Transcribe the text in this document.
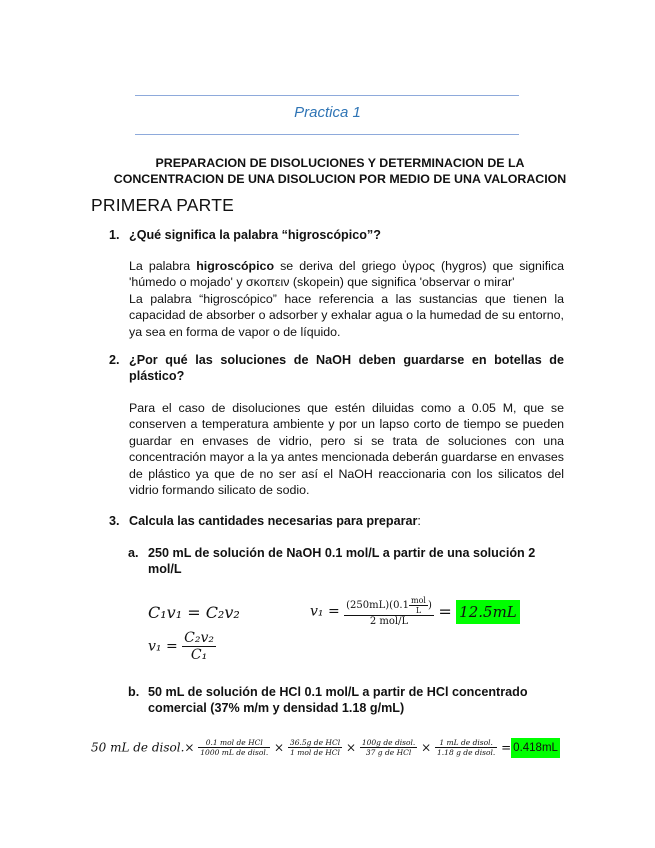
Practica 1
PREPARACION DE DISOLUCIONES Y DETERMINACION DE LA
CONCENTRACION DE UNA DISOLUCION POR MEDIO DE UNA VALORACION
PRIMERA PARTE
1. ¿Qué significa la palabra “higroscópico”?
La palabra higroscópico se deriva del griego ὑγρος (hygros) que significa
'húmedo o mojado' y σκοπειν (skopein) que significa 'observar o mirar'
La palabra “higroscópico” hace referencia a las sustancias que tienen la capacidad de absorber o adsorber y exhalar agua o la humedad de su entorno, ya sea en forma de vapor o de líquido.
2. ¿Por qué las soluciones de NaOH deben guardarse en botellas de plástico?
Para el caso de disoluciones que estén diluidas como a 0.05 M, que se conserven a temperatura ambiente y por un lapso corto de tiempo se pueden guardar en envases de vidrio, pero si se trata de soluciones con una concentración mayor a la ya antes mencionada deberán guardarse en envases de plástico ya que de no ser así el NaOH reaccionaria con los silicatos del vidrio formando silicato de sodio.
3. Calcula las cantidades necesarias para preparar:
a. 250 mL de solución de NaOH 0.1 mol/L a partir de una solución 2 mol/L
C₁v₁ = C₂v₂
$v_1 = \frac{\text{C₂v₂}}{\text{C₁}}$
$v_1 = \frac{(250mL)(0.1 \frac{\text{mol}}{L} )}{\text{2 mol/L}} = 12.5mL$
b. 50 mL de solución de HCl 0.1 mol/L a partir de HCl concentrado comercial (37% m/m y densidad 1.18 g/mL)
50 mL de disol.× $\frac{\text{0.1 mol de HCl}}{\text{1000 mL de disol.}} \times \frac{\text{36.5g de HCl}}{\text{1 mol de HCl}} \times \frac{\text{100g de disol.}}{\text{37 g de HCl}} \times \frac{\text{1 mL de disol.}}{\text{1.18 g de disol.}} = 0.418mL$
